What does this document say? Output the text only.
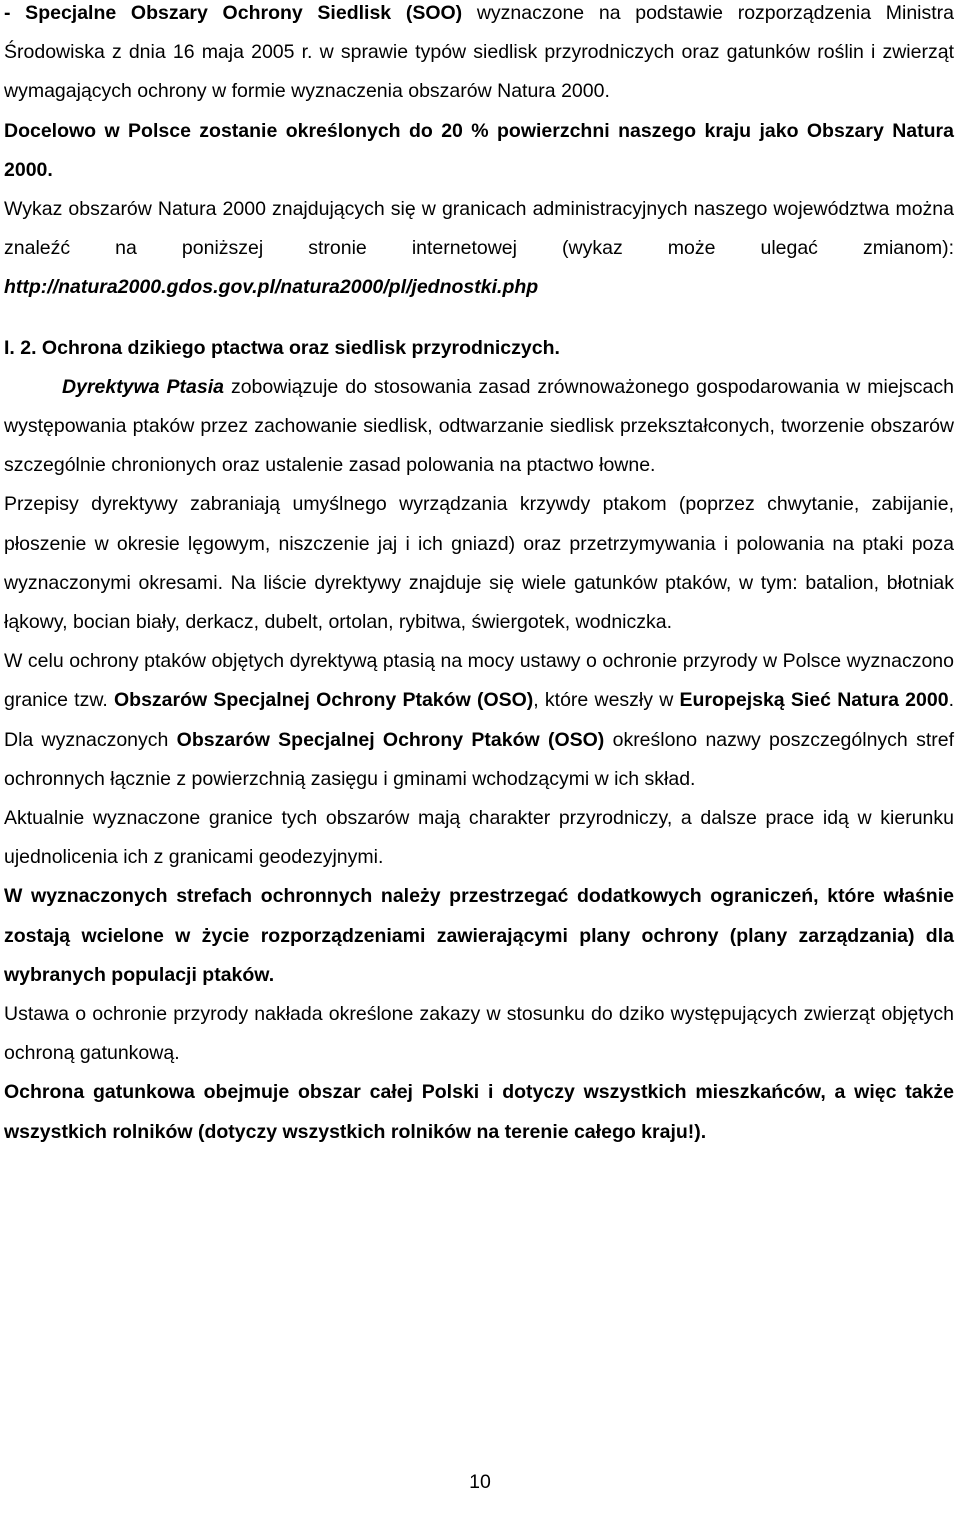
- Specjalne Obszary Ochrony Siedlisk (SOO) wyznaczone na podstawie rozporządzenia Ministra Środowiska z dnia 16 maja 2005 r. w sprawie typów siedlisk przyrodniczych oraz gatunków roślin i zwierząt wymagających ochrony w formie wyznaczenia obszarów Natura 2000.

Docelowo w Polsce zostanie określonych do 20 % powierzchni naszego kraju jako Obszary Natura 2000.

Wykaz obszarów Natura 2000 znajdujących się w granicach administracyjnych naszego województwa można znaleźć na poniższej stronie internetowej (wykaz może ulegać zmianom): http://natura2000.gdos.gov.pl/natura2000/pl/jednostki.php

I. 2. Ochrona dzikiego ptactwa oraz siedlisk przyrodniczych.

Dyrektywa Ptasia zobowiązuje do stosowania zasad zrównoważonego gospodarowania w miejscach występowania ptaków przez zachowanie siedlisk, odtwarzanie siedlisk przekształconych, tworzenie obszarów szczególnie chronionych oraz ustalenie zasad polowania na ptactwo łowne.

Przepisy dyrektywy zabraniają umyślnego wyrządzania krzywdy ptakom (poprzez chwytanie, zabijanie, płoszenie w okresie lęgowym, niszczenie jaj i ich gniazd) oraz przetrzymywania i polowania na ptaki poza wyznaczonymi okresami. Na liście dyrektywy znajduje się wiele gatunków ptaków, w tym: batalion, błotniak łąkowy, bocian biały, derkacz, dubelt, ortolan, rybitwa, świergotek, wodniczka.

W celu ochrony ptaków objętych dyrektywą ptasią na mocy ustawy o ochronie przyrody w Polsce wyznaczono granice tzw. Obszarów Specjalnej Ochrony Ptaków (OSO), które weszły w Europejską Sieć Natura 2000. Dla wyznaczonych Obszarów Specjalnej Ochrony Ptaków (OSO) określono nazwy poszczególnych stref ochronnych łącznie z powierzchnią zasięgu i gminami wchodzącymi w ich skład.

Aktualnie wyznaczone granice tych obszarów mają charakter przyrodniczy, a dalsze prace idą w kierunku ujednolicenia ich z granicami geodezyjnymi.

W wyznaczonych strefach ochronnych należy przestrzegać dodatkowych ograniczeń, które właśnie zostają wcielone w życie rozporządzeniami zawierającymi plany ochrony (plany zarządzania) dla wybranych populacji ptaków.

Ustawa o ochronie przyrody nakłada określone zakazy w stosunku do dziko występujących zwierząt objętych ochroną gatunkową.

Ochrona gatunkowa obejmuje obszar całej Polski i dotyczy wszystkich mieszkańców, a więc także wszystkich rolników (dotyczy wszystkich rolników na terenie całego kraju!).

10
